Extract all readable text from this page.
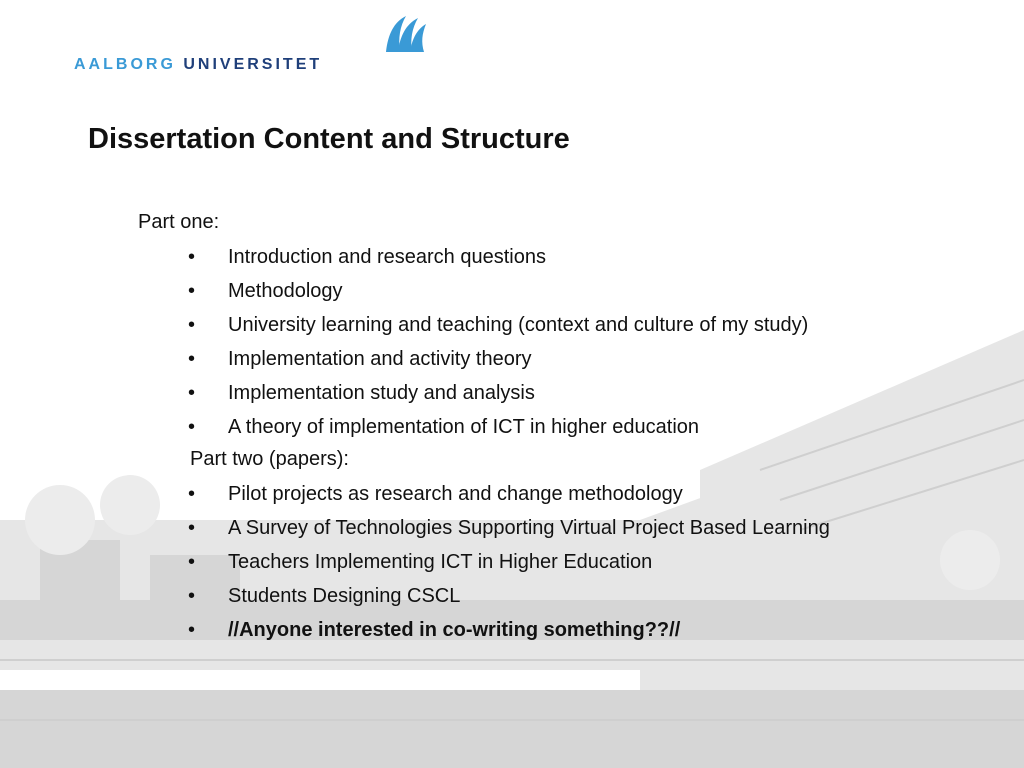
AALBORG UNIVERSITET
Dissertation Content and Structure
Part one:
•	Introduction and research questions
•	Methodology
•	University learning and teaching (context and culture of my study)
•	Implementation and activity theory
•	Implementation study and analysis
•	A theory of implementation of ICT in higher education
Part two (papers):
•	Pilot projects as research and change methodology
•	A Survey of Technologies Supporting Virtual Project Based Learning
•	Teachers Implementing ICT in Higher Education
•	Students Designing CSCL
•	//Anyone interested in co-writing something??//
